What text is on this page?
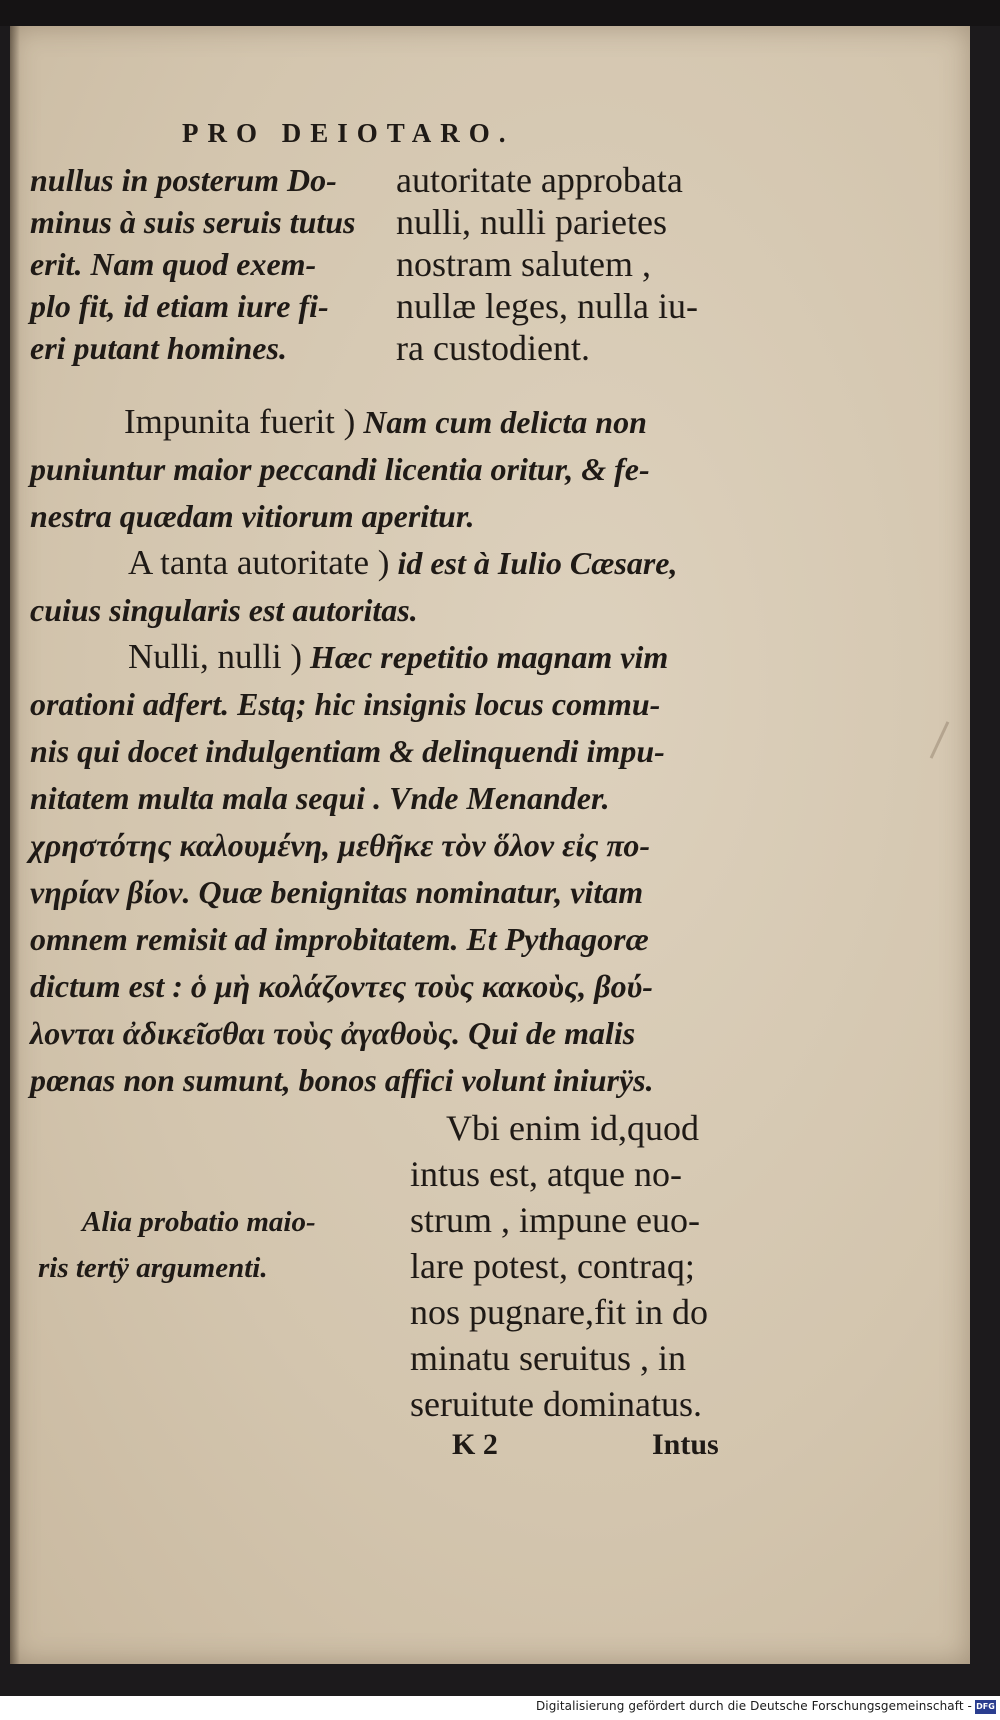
PRO DEIOTARO.
nullus in posterum Do-
minus à suis seruis tutus
erit. Nam quod exem-
plo fit, id etiam iure fi-
eri putant homines.
autoritate approbata
nulli, nulli parietes
nostram salutem ,
nullæ leges, nulla iu-
ra custodient.
Impunita fuerit ) Nam cum delicta non
puniuntur maior peccandi licentia oritur, & fe-
nestra quædam vitiorum aperitur.
A tanta autoritate ) id est à Iulio Cæsare,
cuius singularis est autoritas.
Nulli, nulli ) Hæc repetitio magnam vim
orationi adfert. Estq; hic insignis locus commu-
nis qui docet indulgentiam & delinquendi impu-
nitatem multa mala sequi . Vnde Menander.
χρηστότης καλουμένη, μεθῆκε τὸν ὅλον εἰς πο-
νηρίαν βίον. Quæ benignitas nominatur, vitam
omnem remisit ad improbitatem. Et Pythagoræ
dictum est : ὁ μὴ κολάζοντες τοὺς κακοὺς, βού-
λονται ἀδικεῖσθαι τοὺς ἀγαθοὺς. Qui de malis
pœnas non sumunt, bonos affici volunt iniurÿs.
Alia probatio maio-
ris tertÿ argumenti.
Vbi enim id,quod
intus est, atque no-
strum , impune euo-
lare potest, contraq;
nos pugnare,fit in do
minatu seruitus , in
seruitute dominatus.
K 2	Intus
Digitalisierung gefördert durch die Deutsche Forschungsgemeinschaft - DFG
